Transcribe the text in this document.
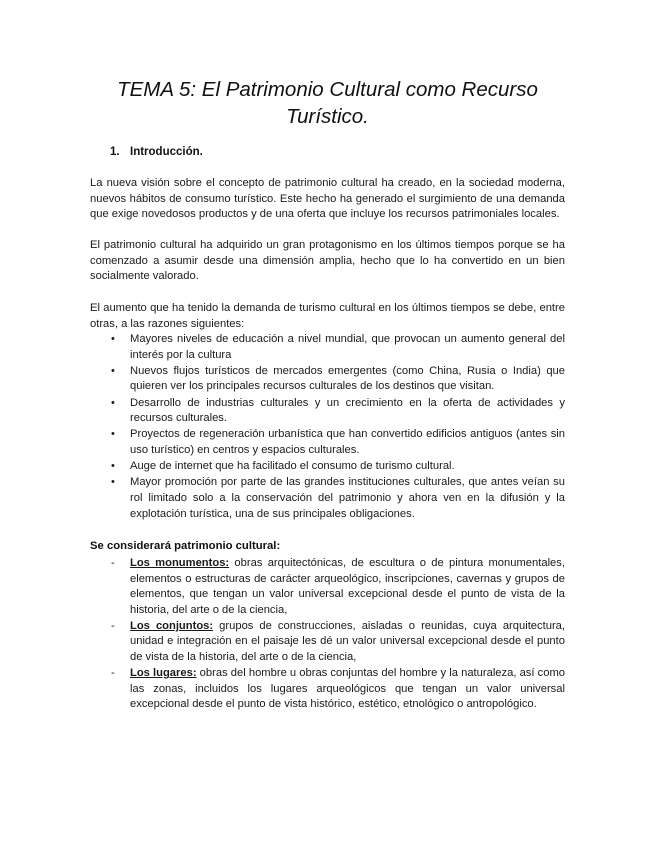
TEMA 5: El Patrimonio Cultural como Recurso Turístico.
1. Introducción.

La nueva visión sobre el concepto de patrimonio cultural ha creado, en la sociedad moderna, nuevos hábitos de consumo turístico. Este hecho ha generado el surgimiento de una demanda que exige novedosos productos y de una oferta que incluye los recursos patrimoniales locales.

El patrimonio cultural ha adquirido un gran protagonismo en los últimos tiempos porque se ha comenzado a asumir desde una dimensión amplia, hecho que lo ha convertido en un bien socialmente valorado.

El aumento que ha tenido la demanda de turismo cultural en los últimos tiempos se debe, entre otras, a las razones siguientes:

• Mayores niveles de educación a nivel mundial, que provocan un aumento general del interés por la cultura
• Nuevos flujos turísticos de mercados emergentes (como China, Rusia o India) que quieren ver los principales recursos culturales de los destinos que visitan.
• Desarrollo de industrias culturales y un crecimiento en la oferta de actividades y recursos culturales.
• Proyectos de regeneración urbanística que han convertido edificios antiguos (antes sin uso turístico) en centros y espacios culturales.
• Auge de internet que ha facilitado el consumo de turismo cultural.
• Mayor promoción por parte de las grandes instituciones culturales, que antes veían su rol limitado solo a la conservación del patrimonio y ahora ven en la difusión y la explotación turística, una de sus principales obligaciones.

Se considerará patrimonio cultural:

- Los monumentos: obras arquitectónicas, de escultura o de pintura monumentales, elementos o estructuras de carácter arqueológico, inscripciones, cavernas y grupos de elementos, que tengan un valor universal excepcional desde el punto de vista de la historia, del arte o de la ciencia,
- Los conjuntos: grupos de construcciones, aisladas o reunidas, cuya arquitectura, unidad e integración en el paisaje les dé un valor universal excepcional desde el punto de vista de la historia, del arte o de la ciencia,
- Los lugares: obras del hombre u obras conjuntas del hombre y la naturaleza, así como las zonas, incluidos los lugares arqueológicos que tengan un valor universal excepcional desde el punto de vista histórico, estético, etnológico o antropológico.
